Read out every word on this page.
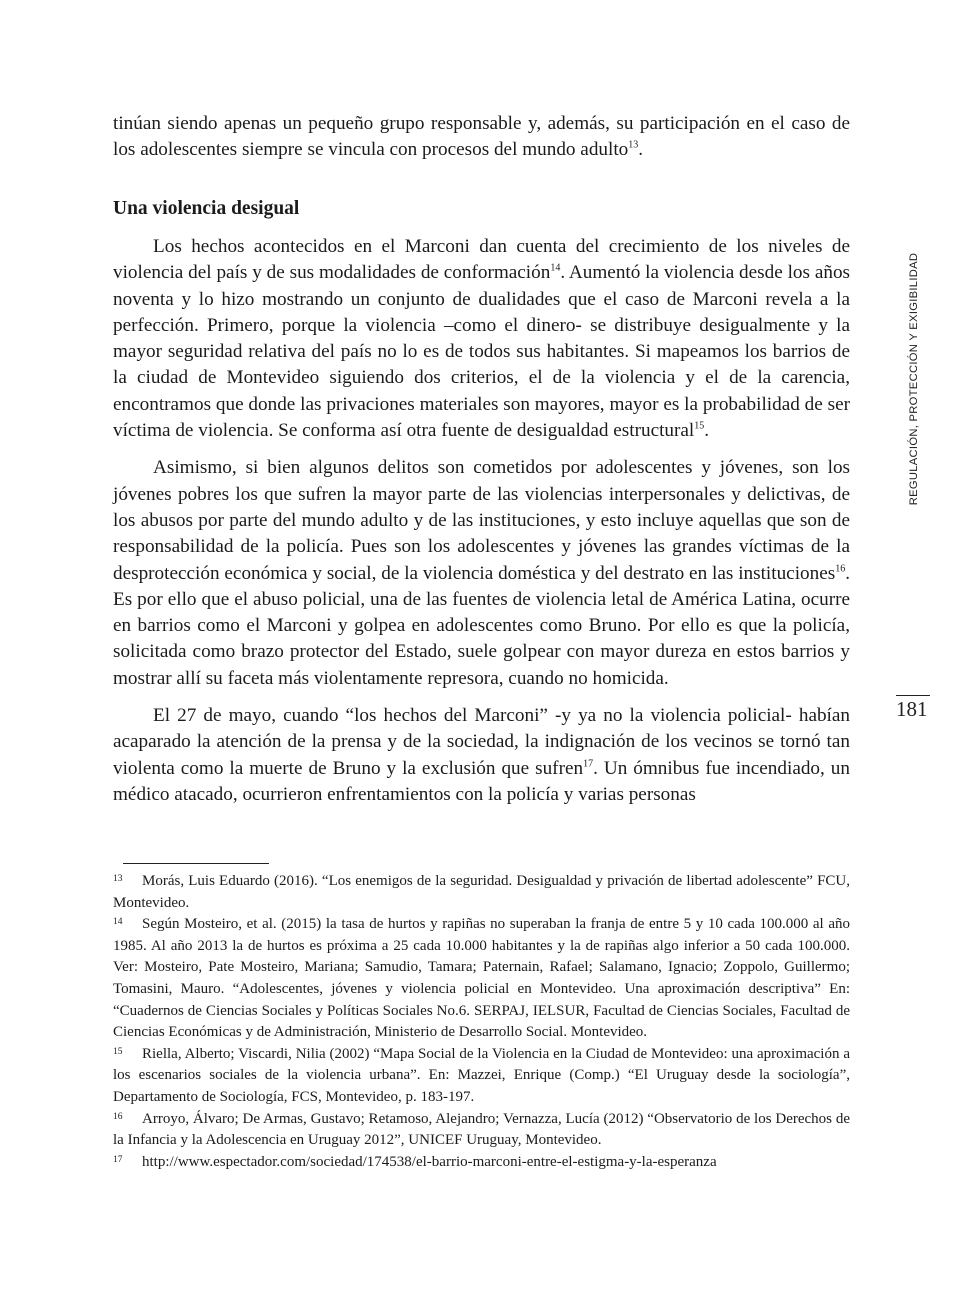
tinúan siendo apenas un pequeño grupo responsable y, además, su participación en el caso de los adolescentes siempre se vincula con procesos del mundo adulto$^{13}$.

Una violencia desigual

Los hechos acontecidos en el Marconi dan cuenta del crecimiento de los niveles de violencia del país y de sus modalidades de conformación$^{14}$. Aumentó la violencia desde los años noventa y lo hizo mostrando un conjunto de dualidades que el caso de Marconi revela a la perfección. Primero, porque la violencia –como el dinero- se distribuye desigualmente y la mayor seguridad relativa del país no lo es de todos sus habitantes. Si mapeamos los barrios de la ciudad de Montevideo siguiendo dos criterios, el de la violencia y el de la carencia, encontramos que donde las privaciones materiales son mayores, mayor es la probabilidad de ser víctima de violencia. Se conforma así otra fuente de desigualdad estructural$^{15}$.

Asimismo, si bien algunos delitos son cometidos por adolescentes y jóvenes, son los jóvenes pobres los que sufren la mayor parte de las violencias interpersonales y delictivas, de los abusos por parte del mundo adulto y de las instituciones, y esto incluye aquellas que son de responsabilidad de la policía. Pues son los adolescentes y jóvenes las grandes víctimas de la desprotección económica y social, de la violencia doméstica y del destrato en las instituciones$^{16}$. Es por ello que el abuso policial, una de las fuentes de violencia letal de América Latina, ocurre en barrios como el Marconi y golpea en adolescentes como Bruno. Por ello es que la policía, solicitada como brazo protector del Estado, suele golpear con mayor dureza en estos barrios y mostrar allí su faceta más violentamente represora, cuando no homicida.

El 27 de mayo, cuando “los hechos del Marconi” -y ya no la violencia policial- habían acaparado la atención de la prensa y de la sociedad, la indignación de los vecinos se tornó tan violenta como la muerte de Bruno y la exclusión que sufren$^{17}$. Un ómnibus fue incendiado, un médico atacado, ocurrieron enfrentamientos con la policía y varias personas

REGULACIÓN, PROTECCIÓN Y EXIGIBILIDAD
181

13 Morás, Luis Eduardo (2016). “Los enemigos de la seguridad. Desigualdad y privación de libertad adolescente” FCU, Montevideo.

14 Según Mosteiro, et al. (2015) la tasa de hurtos y rapiñas no superaban la franja de entre 5 y 10 cada 100.000 al año 1985. Al año 2013 la de hurtos es próxima a 25 cada 10.000 habitantes y la de rapiñas algo inferior a 50 cada 100.000. Ver: Mosteiro, Pate Mosteiro, Mariana; Samudio, Tamara; Paternain, Rafael; Salamano, Ignacio; Zoppolo, Guillermo; Tomasini, Mauro. “Adolescentes, jóvenes y violencia policial en Montevideo. Una aproximación descriptiva” En: “Cuadernos de Ciencias Sociales y Políticas Sociales No.6. SERPAJ, IELSUR, Facultad de Ciencias Sociales, Facultad de Ciencias Económicas y de Administración, Ministerio de Desarrollo Social. Montevideo.

15 Riella, Alberto; Viscardi, Nilia (2002) “Mapa Social de la Violencia en la Ciudad de Montevideo: una aproximación a los escenarios sociales de la violencia urbana”. En: Mazzei, Enrique (Comp.) “El Uruguay desde la sociología”, Departamento de Sociología, FCS, Montevideo, p. 183-197.

16 Arroyo, Álvaro; De Armas, Gustavo; Retamoso, Alejandro; Vernazza, Lucía (2012) “Observatorio de los Derechos de la Infancia y la Adolescencia en Uruguay 2012”, UNICEF Uruguay, Montevideo.

17 http://www.espectador.com/sociedad/174538/el-barrio-marconi-entre-el-estigma-y-la-esperanza
